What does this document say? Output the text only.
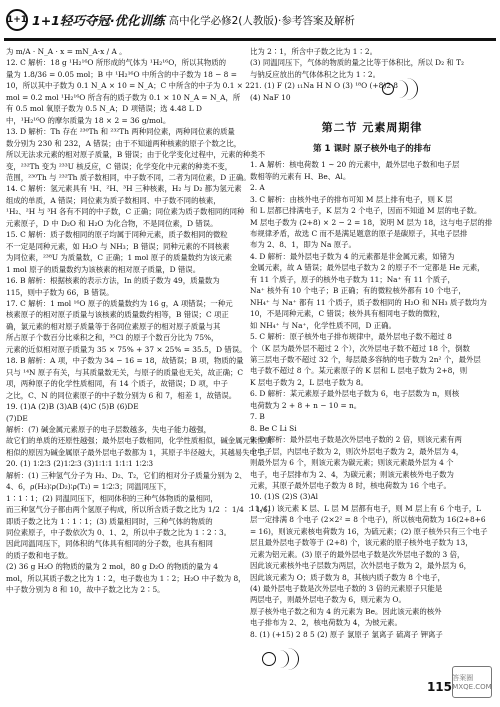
1+1 1+1轻巧夺冠·优化训练 高中化学必修2(人教版)·参考答案及解析

为 m/A · N_A · x = mN_A·x / A 。

12. C 解析：18 g ¹H₂¹⁶O 所形成的气体为 ¹H₂¹⁶O，所以其物质的

量为 1.8/36 = 0.05 mol；B 中 ¹H₂¹⁶O 中所含的中子数为 18 − 8 =

10，所以其中子数为 0.1 N_A × 10 = N_A；C 中所含的中子为 0.1 × 2

mol = 0.2 mol ¹H₂¹⁶O 所含有的质子数为 0.1 × 10 N_A = N_A，所

有 0.5 mol 氧原子数为 0.5 N_A；D 项错误；选 4.48 L D

中，¹H₂¹⁶O 的摩尔质量为 18 × 2 = 36 g/mol。

13. D 解析：Th 存在 ²³⁰Th 和 ²³²Th 两种同位素，两种同位素的质量

数分别为 230 和 232，A 错误；由于不知道两种核素的原子个数之比，

所以无法求元素的相对原子质量，B 错误；由于化学变化过程中，元素的种类不

变，²³²Th 变为 ²³³U 核反应，C 错误；化学变化中元素的种类不变，

范围，²³⁰Th 与 ²³²Th 质子数相同，中子数不同，二者为同位素，D 正确。

14. C 解析：氢元素具有 ¹H、²H、³H 三种核素，H₂ 与 D₂ 都为氢元素

组成的单质，A 错误；同位素为质子数相同、中子数不同的核素，

¹H₂、²H 与 ³H 各有不同的中子数，C 正确；同位素为质子数相同的同种

元素原子，D 中 D₂O 和 H₂O 为化合物，不是同位素，D 错误。

15. C 解析：质子数相同的原子均属于同种元素，质子数相同的微粒

不一定是同种元素，如 H₂O 与 NH₃；B 错误；同种元素的不同核素

为同位素，²³⁸U 为质量数，C 正确；1 mol 原子的质量数约为该元素

1 mol 原子的质量数约为该核素的相对原子质量，D 错误。

16. B 解析：根据核素的表示方法，In 的质子数为 49，质量数为

115，则中子数为 66，B 错误。

17. C 解析：1 mol ¹⁶O 原子的质量数约为 16 g，A 项错误；一种元

核素原子的相对原子质量与该核素的质量数约相等，B 错误；C 项正

确，氯元素的相对原子质量等于各同位素原子的相对原子质量与其

所占原子个数百分比乘积之和，³⁵Cl 的原子个数百分比为 75%，

元素的近似相对原子质量为 35 × 75% + 37 × 25% = 35.5，D 错误。

18. B 解析：A 项，中子数为 34 − 16 = 18，故错误；B 项，物质的量

只与 ¹⁴N 原子有关，与其质量数无关，与原子的质量也无关，故正确；C

项，两种原子的化学性质相同，有 14 个质子，故错误；D 项，中子

之比，C、N 的同位素原子的中子数分别为 6 和 7，相差 1，故错误。

19. (1)A (2)B (3)AB (4)C (5)B (6)DE

(7)DE

解析：(7) 碱金属元素原子的电子层数越多，失电子能力越强，

故它们的单质的还原性越强；最外层电子数相同，化学性质相似，碱金属元素性质

相似的原因为碱金属原子最外层电子数都为 1，其原子半径越大，其越易失电子。

20. (1) 1∶2∶3 (2)1∶2∶3 (3)1∶1∶1 1∶1∶1 1∶2∶3

解析：(1) 三种氢气分子为 H₂、D₂、T₂，它们的相对分子质量分别为 2、

4、6，ρ(H₂)∶ρ(D₂)∶ρ(T₂) = 1∶2∶3；同温同压下，

1∶1∶1；(2) 同温同压下，相同体积的三种气体物质的量相同，

而三种氢气分子都由两个氢原子构成，所以所含质子数之比为 1/2 ∶ 1/4 ∶ 1/6，

即质子数之比为 1∶1∶1；(3) 质量相同时，三种气体的物质的

同位素原子，中子数依次为 0、1、2，所以中子数之比为 1∶2∶3。

因此同温同压下，同体积的气体具有相同的分子数，也具有相同

的质子数和电子数。

(2) 36 g H₂O 的物质的量为 2 mol，80 g D₂O 的物质的量为 4

mol，所以其质子数之比为 1∶2，电子数也为 1∶2；H₂O 中子数为 8，

中子数分别为 8 和 10，故中子数之比为 2∶5。

比为 2∶1，所含中子数之比为 1∶2。

(3) 同温同压下，气体的物质的量之比等于体积比，所以 D₂ 和 T₂

与钠反应放出的气体体积之比为 1∶2。

21. (1) F (2) ₁₁Na H N O (3) ¹⁸O (+8)2 8

(4) NaF 10

第二节 元素周期律
第 1 课时 原子核外电子的排布

1. A 解析：核电荷数 1 ~ 20 的元素中，最外层电子数和电子层

数相等的元素有 H、Be、Al。

2. A

3. C 解析：由核外电子的排布可知 M 层上排有电子，则 K 层

和 L 层都已排满电子，K 层为 2 个电子，因而不知道 M 层的电子数。

M 层电子数为 (2+8) × 2 − 2 = 18，说明 M 层为 18，这与电子层的排

布规律矛盾，故选 C 而不是满足题意的原子是碳原子，其电子层排

布为 2、8、1，即为 Na 原子。

4. D 解析：最外层电子数为 4 的元素都是非金属元素，如锗为

金属元素，故 A 错误；最外层电子数为 2 的原子不一定都是 He 元素，

有 11 个质子，原子的核外电子数为 11；Na⁺ 有 11 个质子，

Na⁺ 核外有 10 个电子；B 正确；有的微粒核外都有 10 个电子，

NH₄⁺ 与 Na⁺ 都有 11 个质子，质子数相同的 H₂O 和 NH₃ 质子数均为

10，不是同种元素，C 错误；核外具有相同电子数的微粒，

如 NH₄⁺ 与 Na⁺，化学性质不同，D 正确。

5. C 解析：原子核外电子排布规律中，最外层电子数不超过 8

个（K 层为最外层不超过 2 个），次外层电子数不超过 18 个，倒数

第三层电子数不超过 32 个，每层最多容纳的电子数为 2n² 个，最外层

电子数不超过 8 个。某元素原子的 K 层和 L 层电子数为 2+8，则

K 层电子数为 2，L 层电子数为 8。

6. D 解析：某元素原子最外层电子数为 6，电子层数为 n，则核

电荷数为 2 + 8 + n − 10 = n。

7. B

8. Be C Li Si

9. D 解析：最外层电子数是次外层电子数的 2 倍，则该元素有两

个电子层，内层电子数为 2，则次外层电子数为 2，最外层为 4，

则最外层为 6 个，则该元素为碳元素；则该元素最外层为 4 个

电子，电子层排布为 2、4，为碳元素；则该元素核外电子数为

元素，其原子最外层电子数为 8 时，核电荷数为 16 个电子。

10. (1)S (2)S (3)Al

11. (1) 该元素 K 层、L 层 M 层都有电子，则 M 层上有 6 个电子，L

层一定排满 8 个电子 (2×2² = 8 个电子)，所以核电荷数为 16(2+8+6

= 16)，则该元素核电荷数为 16，为硫元素；(2) 原子核外只有三个电子

层且最外层电子数等于 (2+8) 个，该元素的原子核外电子数为 13，

元素为铝元素。(3) 原子的最外层电子数是次外层电子数的 3 倍，

因此该元素核外电子层数为两层，次外层电子数为 2，最外层为 6，

因此该元素为 O；质子数为 8，其核内质子数为 8 个电子，

(4) 最外层电子数是次外层电子数的 3 倍的元素原子只能是

两层电子，则最外层电子数为 6，则元素为 O。

原子核外电子数之和为 4 的元素为 Be。因此该元素的核外

电子排布为 2、2，核电荷数为 4，为铍元素。

8. (1) (+15) 2 8 5 (2) 原子 氯原子 氯离子 硫离子 钾离子

115
答案圈 MXQE.COM
